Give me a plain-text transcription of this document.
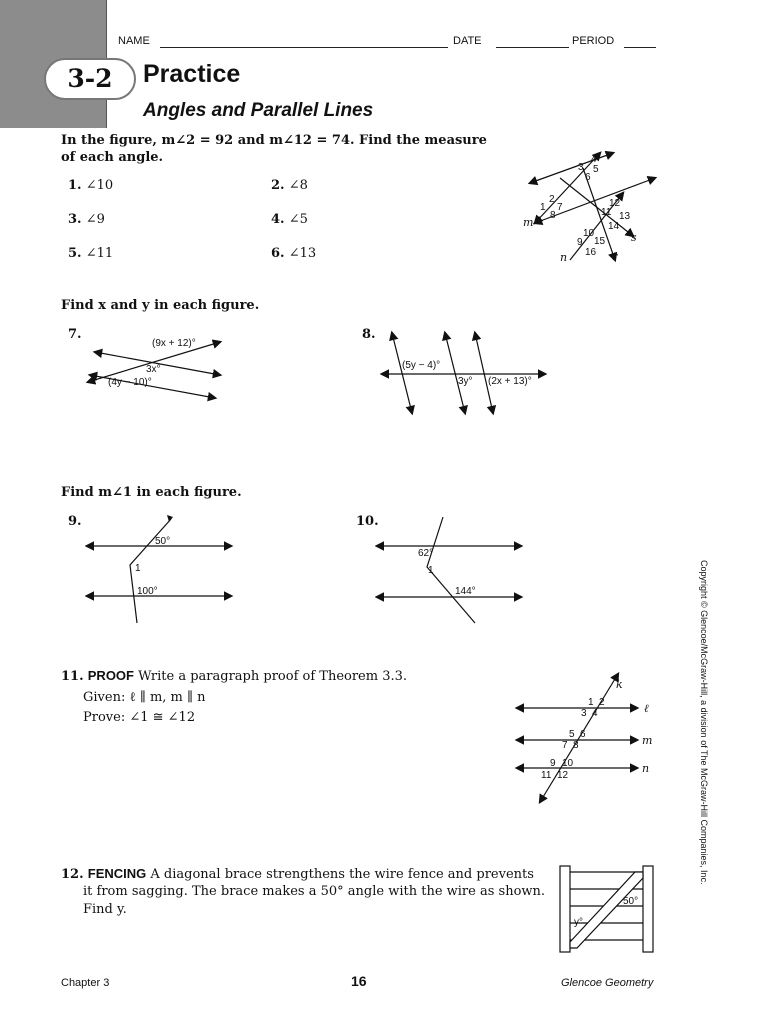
3-2	Practice
Angles and Parallel Lines
NAME	DATE	PERIOD
In the figure, m∠2 = 92 and m∠12 = 74. Find the measure
of each angle.
1. ∠10	2. ∠8
3. ∠9	4. ∠5
5. ∠11	6. ∠13
4
3 5
6
2
1 7
8
12
11 13
14
10
9 15
16
m
n	r
s
Find x and y in each figure.
7.	8.
(9x + 12)°
3x°
(4y − 10)°
(5y − 4)°
3y° (2x + 13)°
Find m∠1 in each figure.
9.	10.
50°
1
100°
62°
1
144°
11. PROOF Write a paragraph proof of Theorem 3.3.
Given: ℓ ∥ m, m ∥ n
Prove: ∠1 ≅ ∠12
1 2
3 4
5 6
7 8
9 10
11 12
k
ℓ
m
n
12. FENCING A diagonal brace strengthens the wire fence and prevents
it from sagging. The brace makes a 50° angle with the wire as shown.
Find y.
50°
y°
Copyright © Glencoe/McGraw-Hill, a division of The McGraw-Hill Companies, Inc.
Chapter 3	16	Glencoe Geometry
